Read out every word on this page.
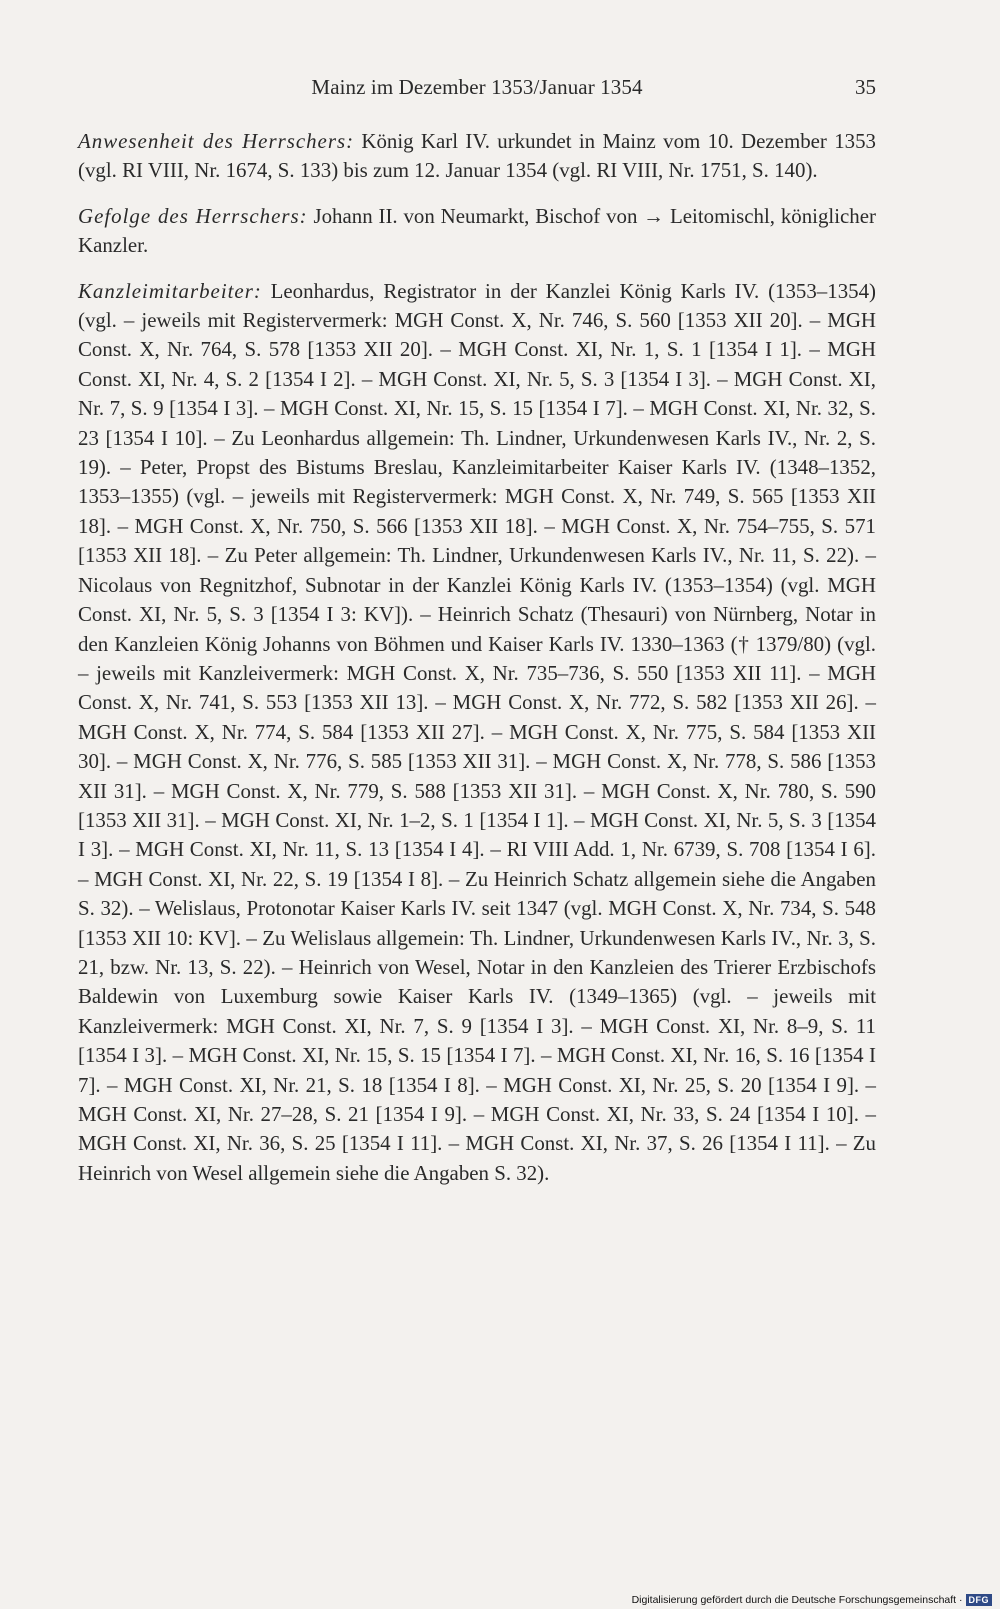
Mainz im Dezember 1353/Januar 1354	35

Anwesenheit des Herrschers: König Karl IV. urkundet in Mainz vom 10. Dezember 1353 (vgl. RI VIII, Nr. 1674, S. 133) bis zum 12. Januar 1354 (vgl. RI VIII, Nr. 1751, S. 140).

Gefolge des Herrschers: Johann II. von Neumarkt, Bischof von → Leitomischl, königlicher Kanzler.

Kanzleimitarbeiter: Leonhardus, Registrator in der Kanzlei König Karls IV. (1353–1354) (vgl. – jeweils mit Registervermerk: MGH Const. X, Nr. 746, S. 560 [1353 XII 20]. – MGH Const. X, Nr. 764, S. 578 [1353 XII 20]. – MGH Const. XI, Nr. 1, S. 1 [1354 I 1]. – MGH Const. XI, Nr. 4, S. 2 [1354 I 2]. – MGH Const. XI, Nr. 5, S. 3 [1354 I 3]. – MGH Const. XI, Nr. 7, S. 9 [1354 I 3]. – MGH Const. XI, Nr. 15, S. 15 [1354 I 7]. – MGH Const. XI, Nr. 32, S. 23 [1354 I 10]. – Zu Leonhardus allgemein: Th. Lindner, Urkundenwesen Karls IV., Nr. 2, S. 19). – Peter, Propst des Bistums Breslau, Kanzleimitarbeiter Kaiser Karls IV. (1348–1352, 1353–1355) (vgl. – jeweils mit Registervermerk: MGH Const. X, Nr. 749, S. 565 [1353 XII 18]. – MGH Const. X, Nr. 750, S. 566 [1353 XII 18]. – MGH Const. X, Nr. 754–755, S. 571 [1353 XII 18]. – Zu Peter allgemein: Th. Lindner, Urkundenwesen Karls IV., Nr. 11, S. 22). – Nicolaus von Regnitzhof, Subnotar in der Kanzlei König Karls IV. (1353–1354) (vgl. MGH Const. XI, Nr. 5, S. 3 [1354 I 3: KV]). – Heinrich Schatz (Thesauri) von Nürnberg, Notar in den Kanzleien König Johanns von Böhmen und Kaiser Karls IV. 1330–1363 († 1379/80) (vgl. – jeweils mit Kanzleivermerk: MGH Const. X, Nr. 735–736, S. 550 [1353 XII 11]. – MGH Const. X, Nr. 741, S. 553 [1353 XII 13]. – MGH Const. X, Nr. 772, S. 582 [1353 XII 26]. – MGH Const. X, Nr. 774, S. 584 [1353 XII 27]. – MGH Const. X, Nr. 775, S. 584 [1353 XII 30]. – MGH Const. X, Nr. 776, S. 585 [1353 XII 31]. – MGH Const. X, Nr. 778, S. 586 [1353 XII 31]. – MGH Const. X, Nr. 779, S. 588 [1353 XII 31]. – MGH Const. X, Nr. 780, S. 590 [1353 XII 31]. – MGH Const. XI, Nr. 1–2, S. 1 [1354 I 1]. – MGH Const. XI, Nr. 5, S. 3 [1354 I 3]. – MGH Const. XI, Nr. 11, S. 13 [1354 I 4]. – RI VIII Add. 1, Nr. 6739, S. 708 [1354 I 6]. – MGH Const. XI, Nr. 22, S. 19 [1354 I 8]. – Zu Heinrich Schatz allgemein siehe die Angaben S. 32). – Welislaus, Protonotar Kaiser Karls IV. seit 1347 (vgl. MGH Const. X, Nr. 734, S. 548 [1353 XII 10: KV]. – Zu Welislaus allgemein: Th. Lindner, Urkundenwesen Karls IV., Nr. 3, S. 21, bzw. Nr. 13, S. 22). – Heinrich von Wesel, Notar in den Kanzleien des Trierer Erzbischofs Baldewin von Luxemburg sowie Kaiser Karls IV. (1349–1365) (vgl. – jeweils mit Kanzleivermerk: MGH Const. XI, Nr. 7, S. 9 [1354 I 3]. – MGH Const. XI, Nr. 8–9, S. 11 [1354 I 3]. – MGH Const. XI, Nr. 15, S. 15 [1354 I 7]. – MGH Const. XI, Nr. 16, S. 16 [1354 I 7]. – MGH Const. XI, Nr. 21, S. 18 [1354 I 8]. – MGH Const. XI, Nr. 25, S. 20 [1354 I 9]. – MGH Const. XI, Nr. 27–28, S. 21 [1354 I 9]. – MGH Const. XI, Nr. 33, S. 24 [1354 I 10]. – MGH Const. XI, Nr. 36, S. 25 [1354 I 11]. – MGH Const. XI, Nr. 37, S. 26 [1354 I 11]. – Zu Heinrich von Wesel allgemein siehe die Angaben S. 32).

Digitalisierung gefördert durch die Deutsche Forschungsgemeinschaft · DFG
